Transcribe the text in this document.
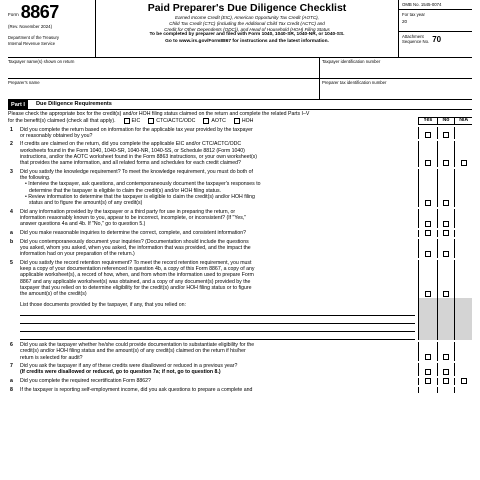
Form 8867
(Rev. November 2024)
Department of the Treasury
Internal Revenue Service
Paid Preparer's Due Diligence Checklist
Earned Income Credit (EIC), American Opportunity Tax Credit (AOTC),
Child Tax Credit (CTC) (including the Additional Child Tax Credit (ACTC) and
Credit for Other Dependents (ODC)), and Head of Household (HOH) Filing Status
To be completed by preparer and filed with Form 1040, 1040-SR, 1040-NR, or 1040-SS.
Go to www.irs.gov/Form8867 for instructions and the latest information.
OMB No. 1545-0074
For tax year
20
Attachment
Sequence No. 70
Taxpayer name(s) shown on return	Taxpayer identification number
Preparer's name	Preparer tax identification number
Part I	Due Diligence Requirements
Please check the appropriate box for the credit(s) and/or HOH filing status claimed on the return and complete the related Parts I–V
for the benefit(s) claimed (check all that apply).	EIC	CTC/ACTC/ODC	AOTC	HOH	Yes	No	N/A
1	Did you complete the return based on information for the applicable tax year provided by the taxpayer
or reasonably obtained by you?
2	If credits are claimed on the return, did you complete the applicable EIC and/or CTC/ACTC/ODC
worksheets found in the Form 1040, 1040-SR, 1040-NR, 1040-SS, or Schedule 8812 (Form 1040)
instructions, and/or the AOTC worksheet found in the Form 8863 instructions, or your own worksheet(s)
that provides the same information, and all related forms and schedules for each credit claimed?
3	Did you satisfy the knowledge requirement? To meet the knowledge requirement, you must do both of
the following.
• Interview the taxpayer, ask questions, and contemporaneously document the taxpayer's responses to
determine that the taxpayer is eligible to claim the credit(s) and/or HOH filing status.
• Review information to determine that the taxpayer is eligible to claim the credit(s) and/or HOH filing
status and to figure the amount(s) of any credit(s)
4	Did any information provided by the taxpayer or a third party for use in preparing the return, or
information reasonably known to you, appear to be incorrect, incomplete, or inconsistent? (If "Yes,"
answer questions 4a and 4b. If "No," go to question 5.)
a	Did you make reasonable inquiries to determine the correct, complete, and consistent information?
b	Did you contemporaneously document your inquiries? (Documentation should include the questions
you asked, whom you asked, when you asked, the information that was provided, and the impact the
information had on your preparation of the return.)
5	Did you satisfy the record retention requirement? To meet the record retention requirement, you must
keep a copy of your documentation referenced in question 4b, a copy of this Form 8867, a copy of any
applicable worksheet(s), a record of how, when, and from whom the information used to prepare Form
8867 and any applicable worksheet(s) was obtained, and a copy of any document(s) provided by the
taxpayer that you relied on to determine eligibility for the credit(s) and/or HOH filing status or to figure
the amount(s) of the credit(s)
List those documents provided by the taxpayer, if any, that you relied on:
6	Did you ask the taxpayer whether he/she could provide documentation to substantiate eligibility for the
credit(s) and/or HOH filing status and the amount(s) of any credit(s) claimed on the return if his/her
return is selected for audit?
7	Did you ask the taxpayer if any of these credits were disallowed or reduced in a previous year?
(If credits were disallowed or reduced, go to question 7a; if not, go to question 8.)
a	Did you complete the required recertification Form 8862?
8	If the taxpayer is reporting self-employment income, did you ask questions to prepare a complete and
